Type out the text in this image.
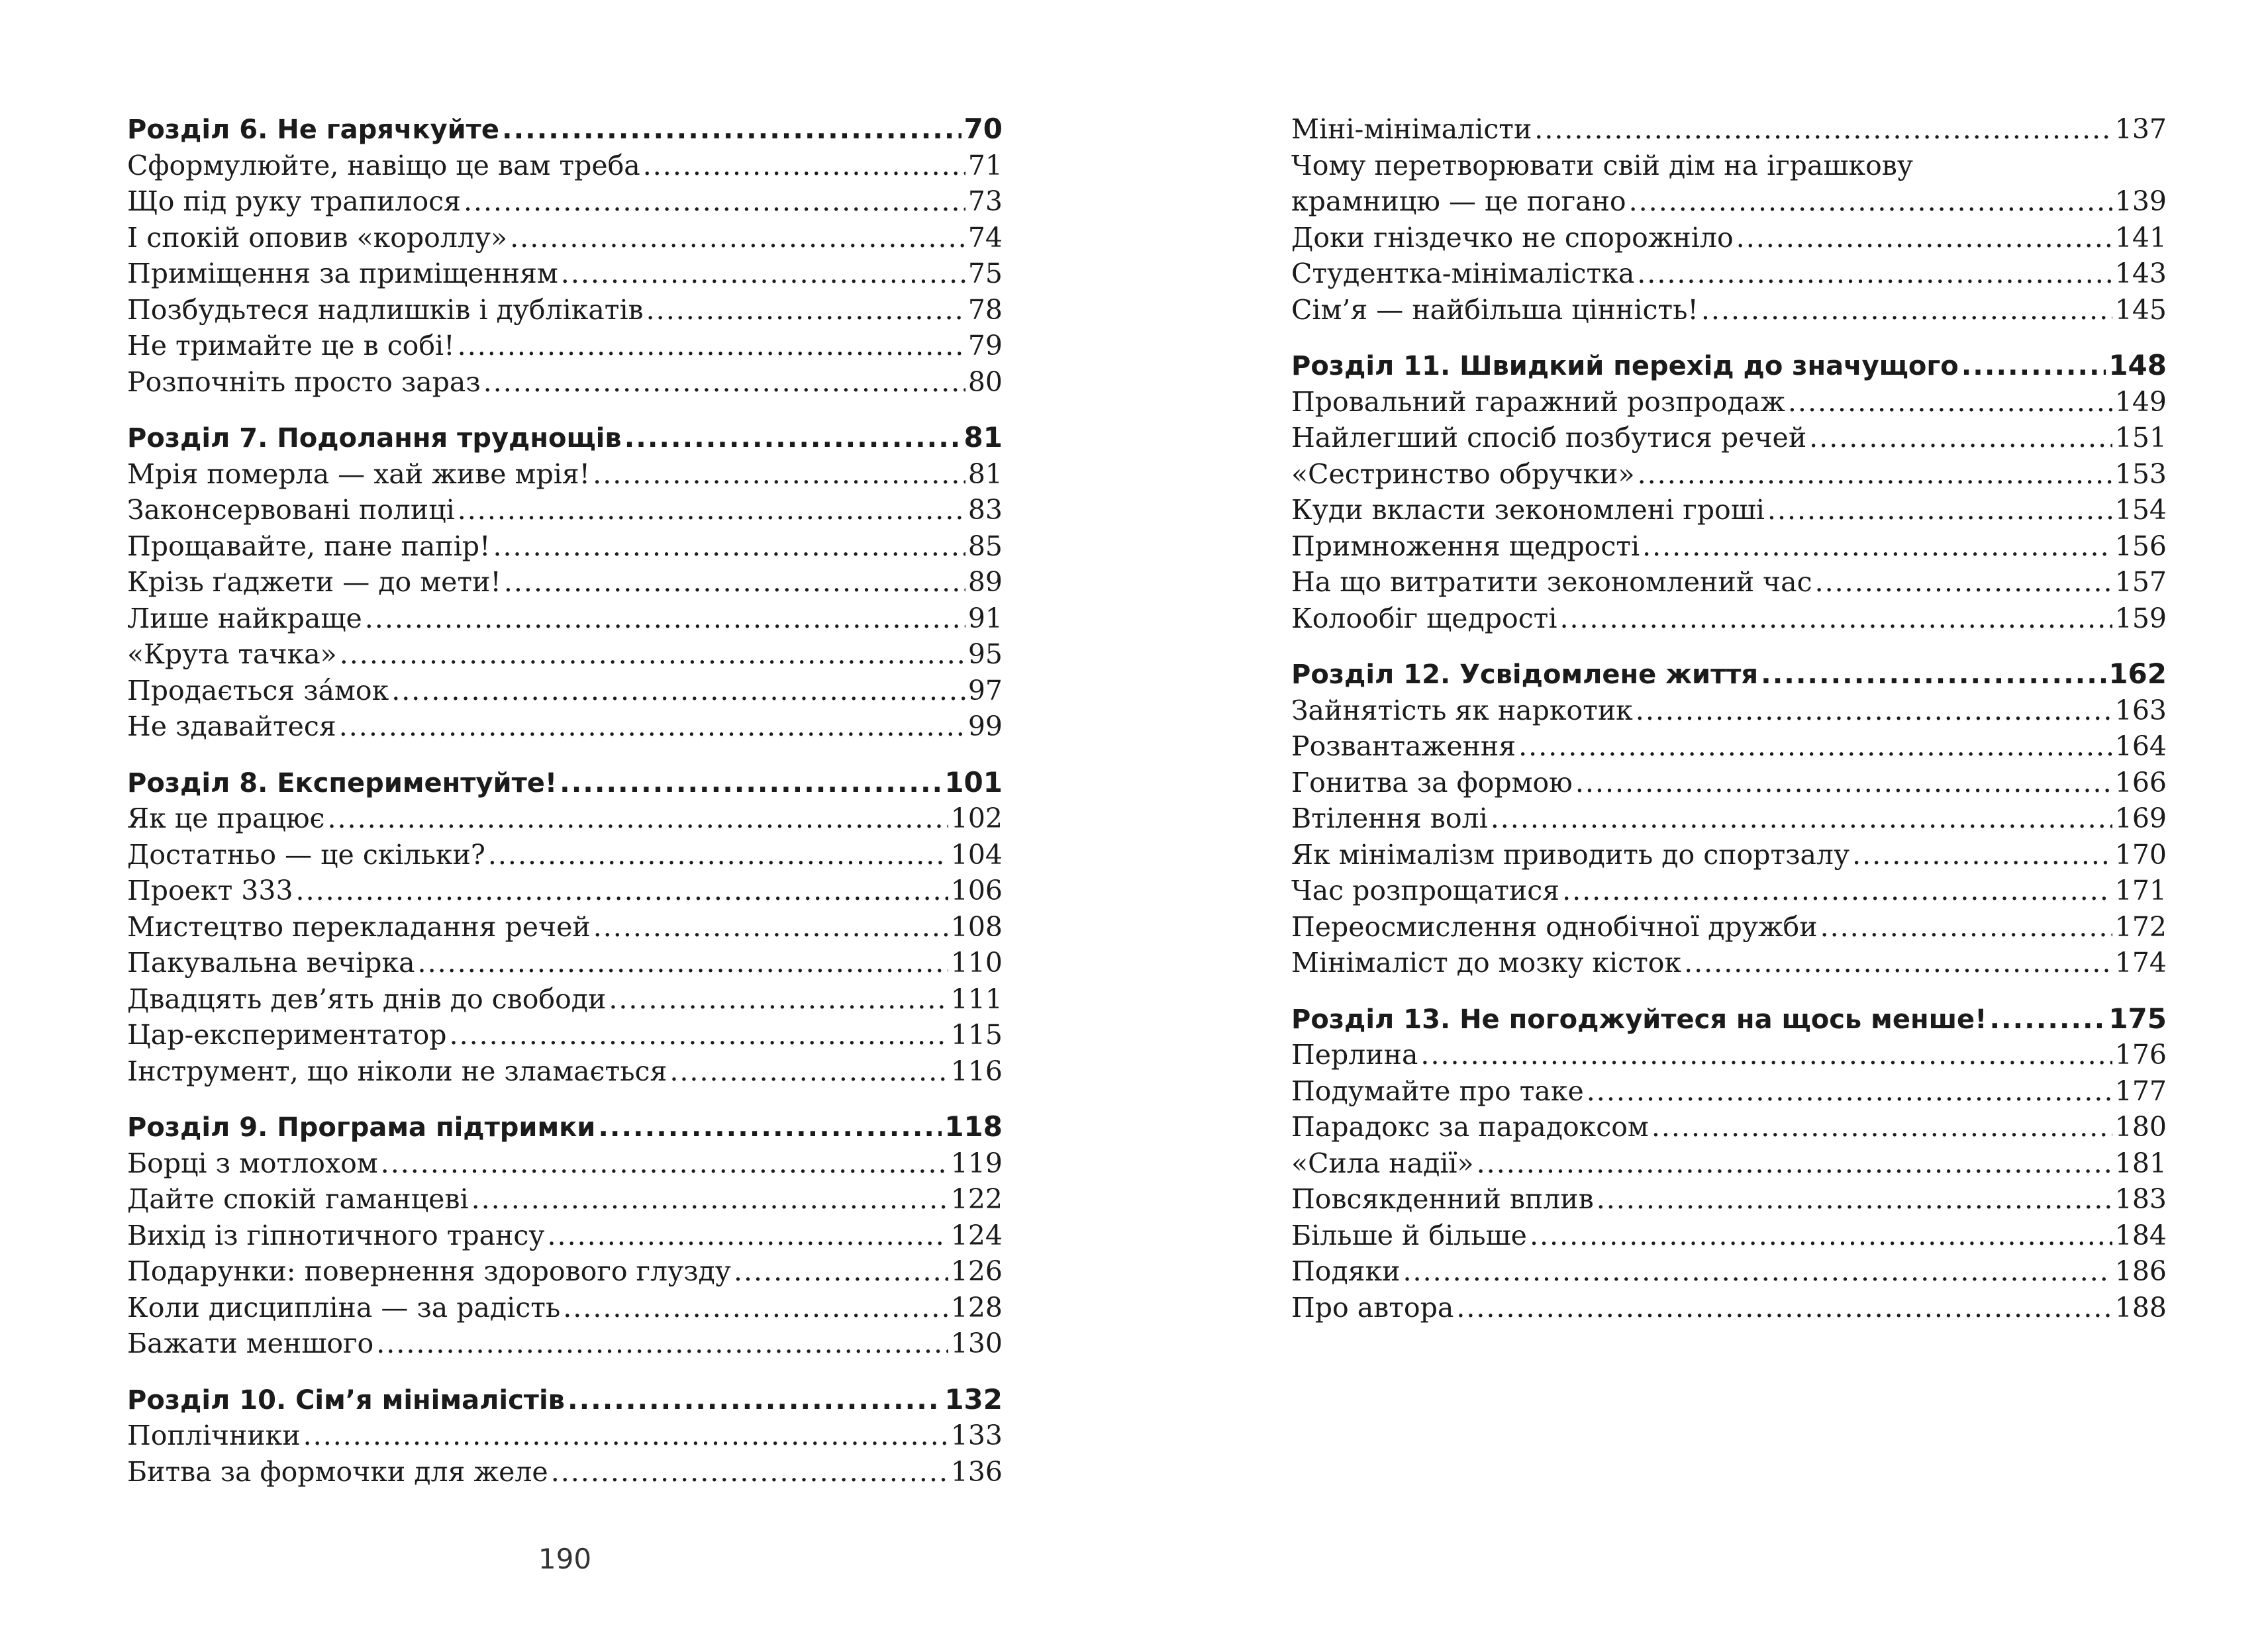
Розділ 6. Не гарячкуйте .....	70
Сформулюйте, навіщо це вам треба .....	71
Що під руку трапилося .....	73
І спокій оповив «короллу» .....	74
Приміщення за приміщенням .....	75
Позбудьтеся надлишків і дублікатів .....	78
Не тримайте це в собі! .....	79
Розпочніть просто зараз .....	80
Розділ 7. Подолання труднощів .....	81
Мрія померла — хай живе мрія! .....	81
Законсервовані полиці .....	83
Прощавайте, пане папір! .....	85
Крізь ґаджети — до мети! .....	89
Лише найкраще .....	91
«Крута тачка» .....	95
Продається за́мок .....	97
Не здавайтеся .....	99
Розділ 8. Експериментуйте! .....	101
Як це працює .....	102
Достатньо — це скільки? .....	104
Проект 333 .....	106
Мистецтво перекладання речей .....	108
Пакувальна вечірка .....	110
Двадцять дев’ять днів до свободи .....	111
Цар-експериментатор .....	115
Інструмент, що ніколи не зламається .....	116
Розділ 9. Програма підтримки .....	118
Борці з мотлохом .....	119
Дайте спокій гаманцеві .....	122
Вихід із гіпнотичного трансу .....	124
Подарунки: повернення здорового глузду .....	126
Коли дисципліна — за радість .....	128
Бажати меншого .....	130
Розділ 10. Сім’я мінімалістів .....	132
Поплічники .....	133
Битва за формочки для желе .....	136
190
Міні-мінімалісти .....	137
Чому перетворювати свій дім на іграшкову
крамницю — це погано .....	139
Доки гніздечко не спорожніло .....	141
Студентка-мінімалістка .....	143
Сім’я — найбільша цінність! .....	145
Розділ 11. Швидкий перехід до значущого .....	148
Провальний гаражний розпродаж .....	149
Найлегший спосіб позбутися речей .....	151
«Сестринство обручки» .....	153
Куди вкласти зекономлені гроші .....	154
Примноження щедрості .....	156
На що витратити зекономлений час .....	157
Колообіг щедрості .....	159
Розділ 12. Усвідомлене життя .....	162
Зайнятість як наркотик .....	163
Розвантаження .....	164
Гонитва за формою .....	166
Втілення волі .....	169
Як мінімалізм приводить до спортзалу .....	170
Час розпрощатися .....	171
Переосмислення однобічної дружби .....	172
Мінімаліст до мозку кісток .....	174
Розділ 13. Не погоджуйтеся на щось менше! .....	175
Перлина .....	176
Подумайте про таке .....	177
Парадокс за парадоксом .....	180
«Сила надії» .....	181
Повсякденний вплив .....	183
Більше й більше .....	184
Подяки .....	186
Про автора .....	188
